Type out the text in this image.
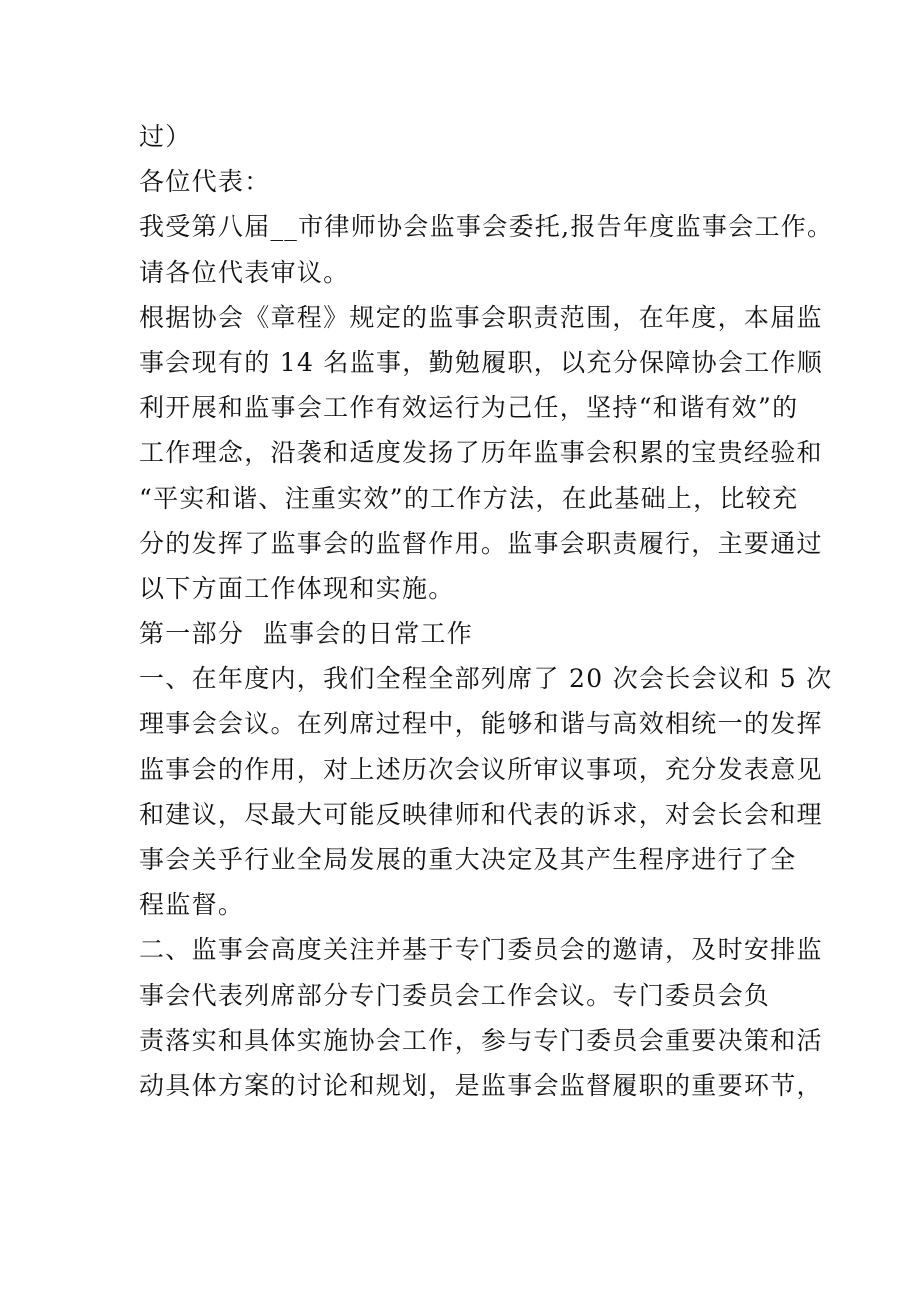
过）
各位代表：
我受第八届__市律师协会监事会委托,报告年度监事会工作。
请各位代表审议。
根据协会《章程》规定的监事会职责范围，在年度，本届监
事会现有的 14 名监事，勤勉履职，以充分保障协会工作顺
利开展和监事会工作有效运行为己任，坚持“和谐有效”的
工作理念，沿袭和适度发扬了历年监事会积累的宝贵经验和
“平实和谐、注重实效”的工作方法，在此基础上，比较充
分的发挥了监事会的监督作用。监事会职责履行，主要通过
以下方面工作体现和实施。
第一部分  监事会的日常工作
一、在年度内，我们全程全部列席了 20 次会长会议和 5 次
理事会会议。在列席过程中，能够和谐与高效相统一的发挥
监事会的作用，对上述历次会议所审议事项，充分发表意见
和建议，尽最大可能反映律师和代表的诉求，对会长会和理
事会关乎行业全局发展的重大决定及其产生程序进行了全
程监督。
二、监事会高度关注并基于专门委员会的邀请，及时安排监
事会代表列席部分专门委员会工作会议。专门委员会负
责落实和具体实施协会工作，参与专门委员会重要决策和活
动具体方案的讨论和规划，是监事会监督履职的重要环节，
